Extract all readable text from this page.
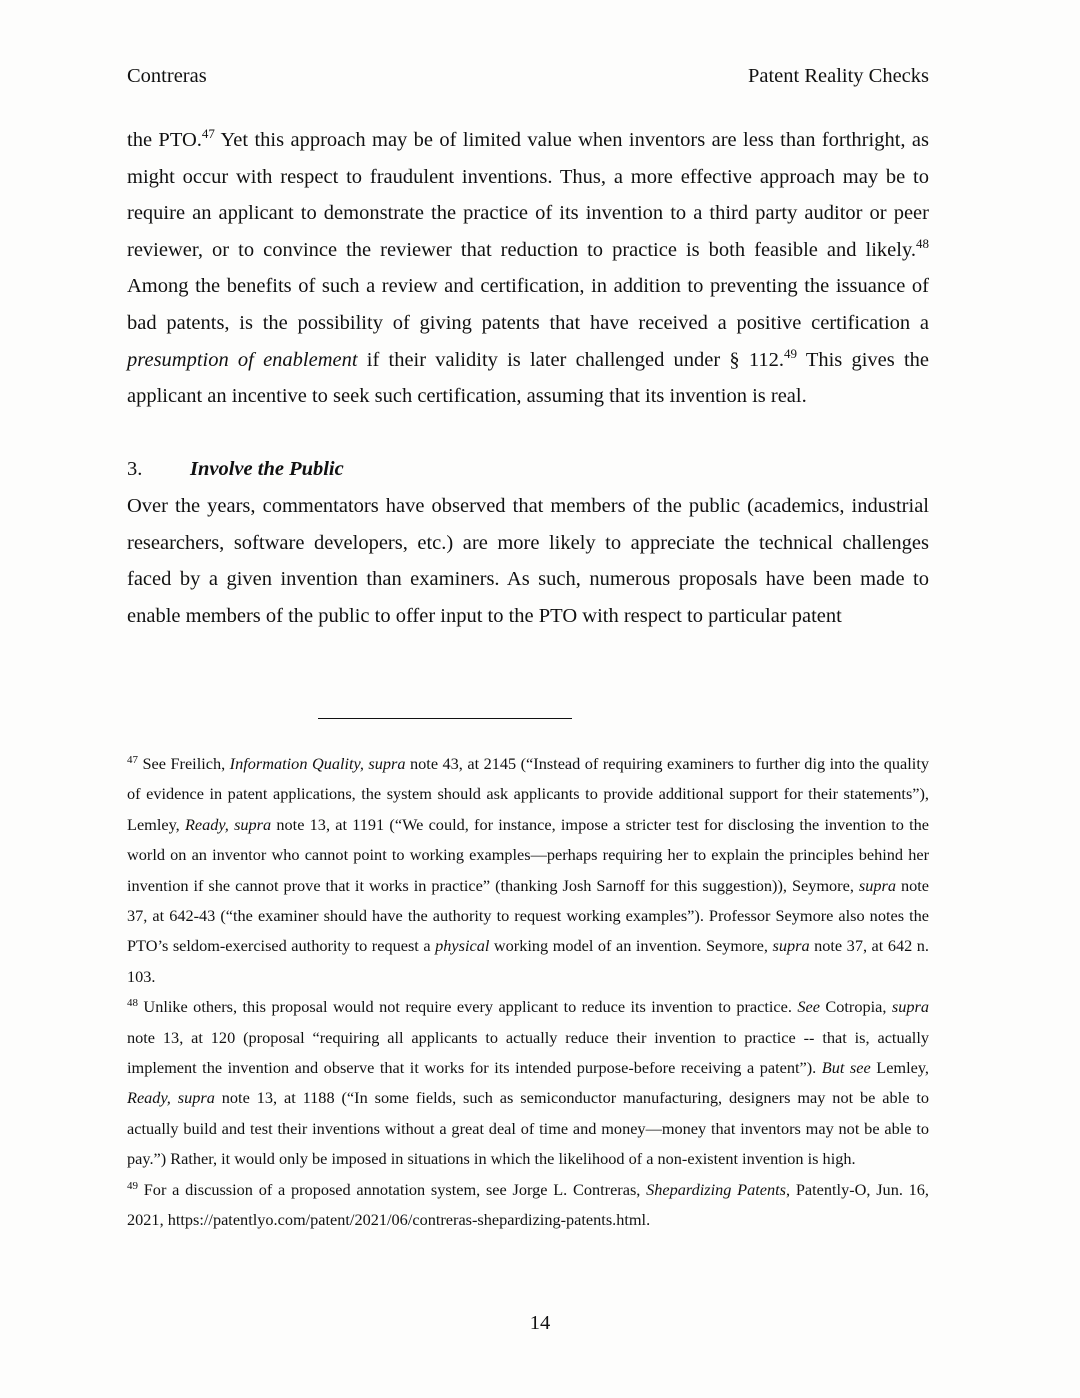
Contreras	Patent Reality Checks

the PTO.$^{47}$ Yet this approach may be of limited value when inventors are less than forthright, as might occur with respect to fraudulent inventions. Thus, a more effective approach may be to require an applicant to demonstrate the practice of its invention to a third party auditor or peer reviewer, or to convince the reviewer that reduction to practice is both feasible and likely.$^{48}$ Among the benefits of such a review and certification, in addition to preventing the issuance of bad patents, is the possibility of giving patents that have received a positive certification a presumption of enablement if their validity is later challenged under § 112.49 This gives the applicant an incentive to seek such certification, assuming that its invention is real.

3. Involve the Public

Over the years, commentators have observed that members of the public (academics, industrial researchers, software developers, etc.) are more likely to appreciate the technical challenges faced by a given invention than examiners. As such, numerous proposals have been made to enable members of the public to offer input to the PTO with respect to particular patent

$^{47}$ See Freilich, Information Quality, supra note 43, at 2145 (“Instead of requiring examiners to further dig into the quality of evidence in patent applications, the system should ask applicants to provide additional support for their statements”), Lemley, Ready, supra note 13, at 1191 (“We could, for instance, impose a stricter test for disclosing the invention to the world on an inventor who cannot point to working examples—perhaps requiring her to explain the principles behind her invention if she cannot prove that it works in practice” (thanking Josh Sarnoff for this suggestion)), Seymore, supra note 37, at 642-43 (“the examiner should have the authority to request working examples”). Professor Seymore also notes the PTO’s seldom-exercised authority to request a physical working model of an invention. Seymore, supra note 37, at 642 n. 103.

$^{48}$ Unlike others, this proposal would not require every applicant to reduce its invention to practice. See Cotropia, supra note 13, at 120 (proposal “requiring all applicants to actually reduce their invention to practice -- that is, actually implement the invention and observe that it works for its intended purpose-before receiving a patent”). But see Lemley, Ready, supra note 13, at 1188 (“In some fields, such as semiconductor manufacturing, designers may not be able to actually build and test their inventions without a great deal of time and money—money that inventors may not be able to pay.”) Rather, it would only be imposed in situations in which the likelihood of a non-existent invention is high.

$^{49}$ For a discussion of a proposed annotation system, see Jorge L. Contreras, Shepardizing Patents, Patently-O, Jun. 16, 2021, https://patentlyo.com/patent/2021/06/contreras-shepardizing-patents.html.

14
